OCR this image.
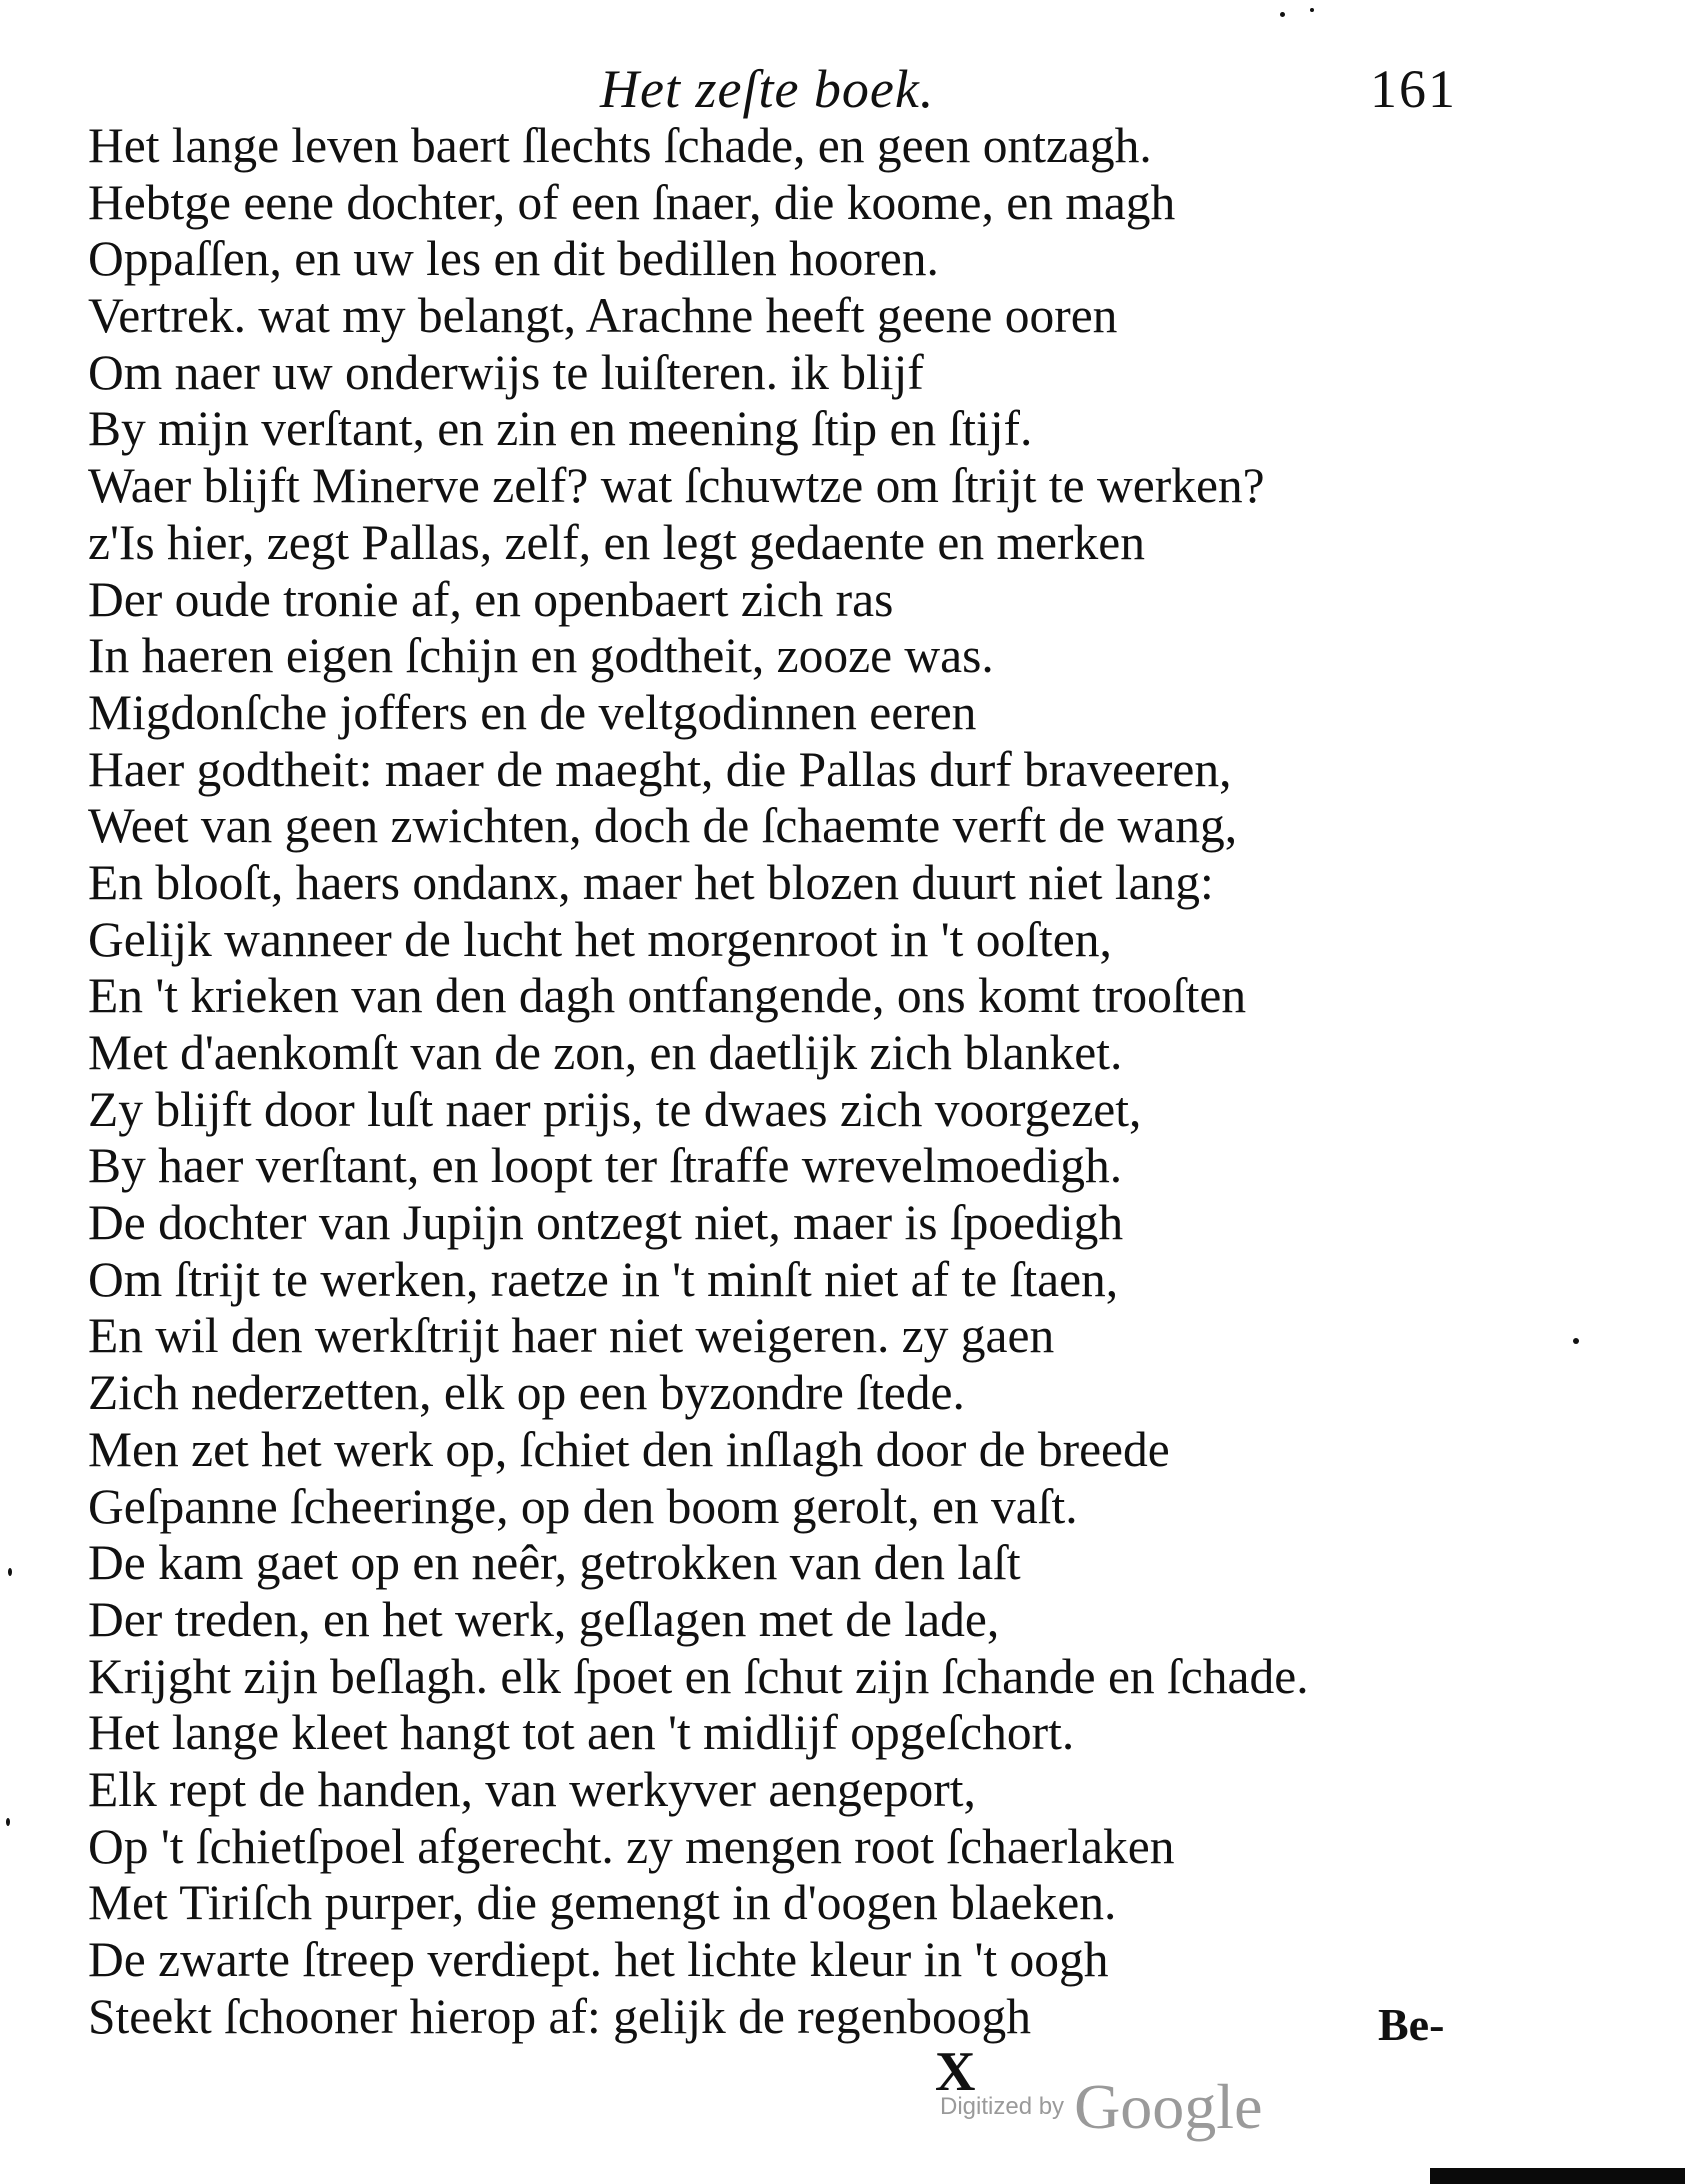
Het zeſte boek.	161
Het lange leven baert ſlechts ſchade, en geen ontzagh.
Hebtge eene dochter, of een ſnaer, die koome, en magh
Oppaſſen, en uw les en dit bedillen hooren.
Vertrek. wat my belangt, Arachne heeft geene ooren
Om naer uw onderwijs te luiſteren. ik blijf
By mijn verſtant, en zin en meening ſtip en ſtijf.
Waer blijft Minerve zelf? wat ſchuwtze om ſtrijt te werken?
z'Is hier, zegt Pallas, zelf, en legt gedaente en merken
Der oude tronie af, en openbaert zich ras
In haeren eigen ſchijn en godtheit, zooze was.
Migdonſche joffers en de veltgodinnen eeren
Haer godtheit: maer de maeght, die Pallas durf braveeren,
Weet van geen zwichten, doch de ſchaemte verft de wang,
En blooſt, haers ondanx, maer het blozen duurt niet lang:
Gelijk wanneer de lucht het morgenroot in 't ooſten,
En 't krieken van den dagh ontfangende, ons komt trooſten
Met d'aenkomſt van de zon, en daetlijk zich blanket.
Zy blijft door luſt naer prijs, te dwaes zich voorgezet,
By haer verſtant, en loopt ter ſtraffe wrevelmoedigh.
De dochter van Jupijn ontzegt niet, maer is ſpoedigh
Om ſtrijt te werken, raetze in 't minſt niet af te ſtaen,
En wil den werkſtrijt haer niet weigeren. zy gaen
Zich nederzetten, elk op een byzondre ſtede.
Men zet het werk op, ſchiet den inſlagh door de breede
Geſpanne ſcheeringe, op den boom gerolt, en vaſt.
De kam gaet op en neêr, getrokken van den laſt
Der treden, en het werk, geſlagen met de lade,
Krijght zijn beſlagh. elk ſpoet en ſchut zijn ſchande en ſchade.
Het lange kleet hangt tot aen 't midlijf opgeſchort.
Elk rept de handen, van werkyver aengeport,
Op 't ſchietſpoel afgerecht. zy mengen root ſchaerlaken
Met Tiriſch purper, die gemengt in d'oogen blaeken.
De zwarte ſtreep verdiept. het lichte kleur in 't oogh
Steekt ſchooner hierop af: gelijk de regenboogh	Be-
X
Digitized by Google
